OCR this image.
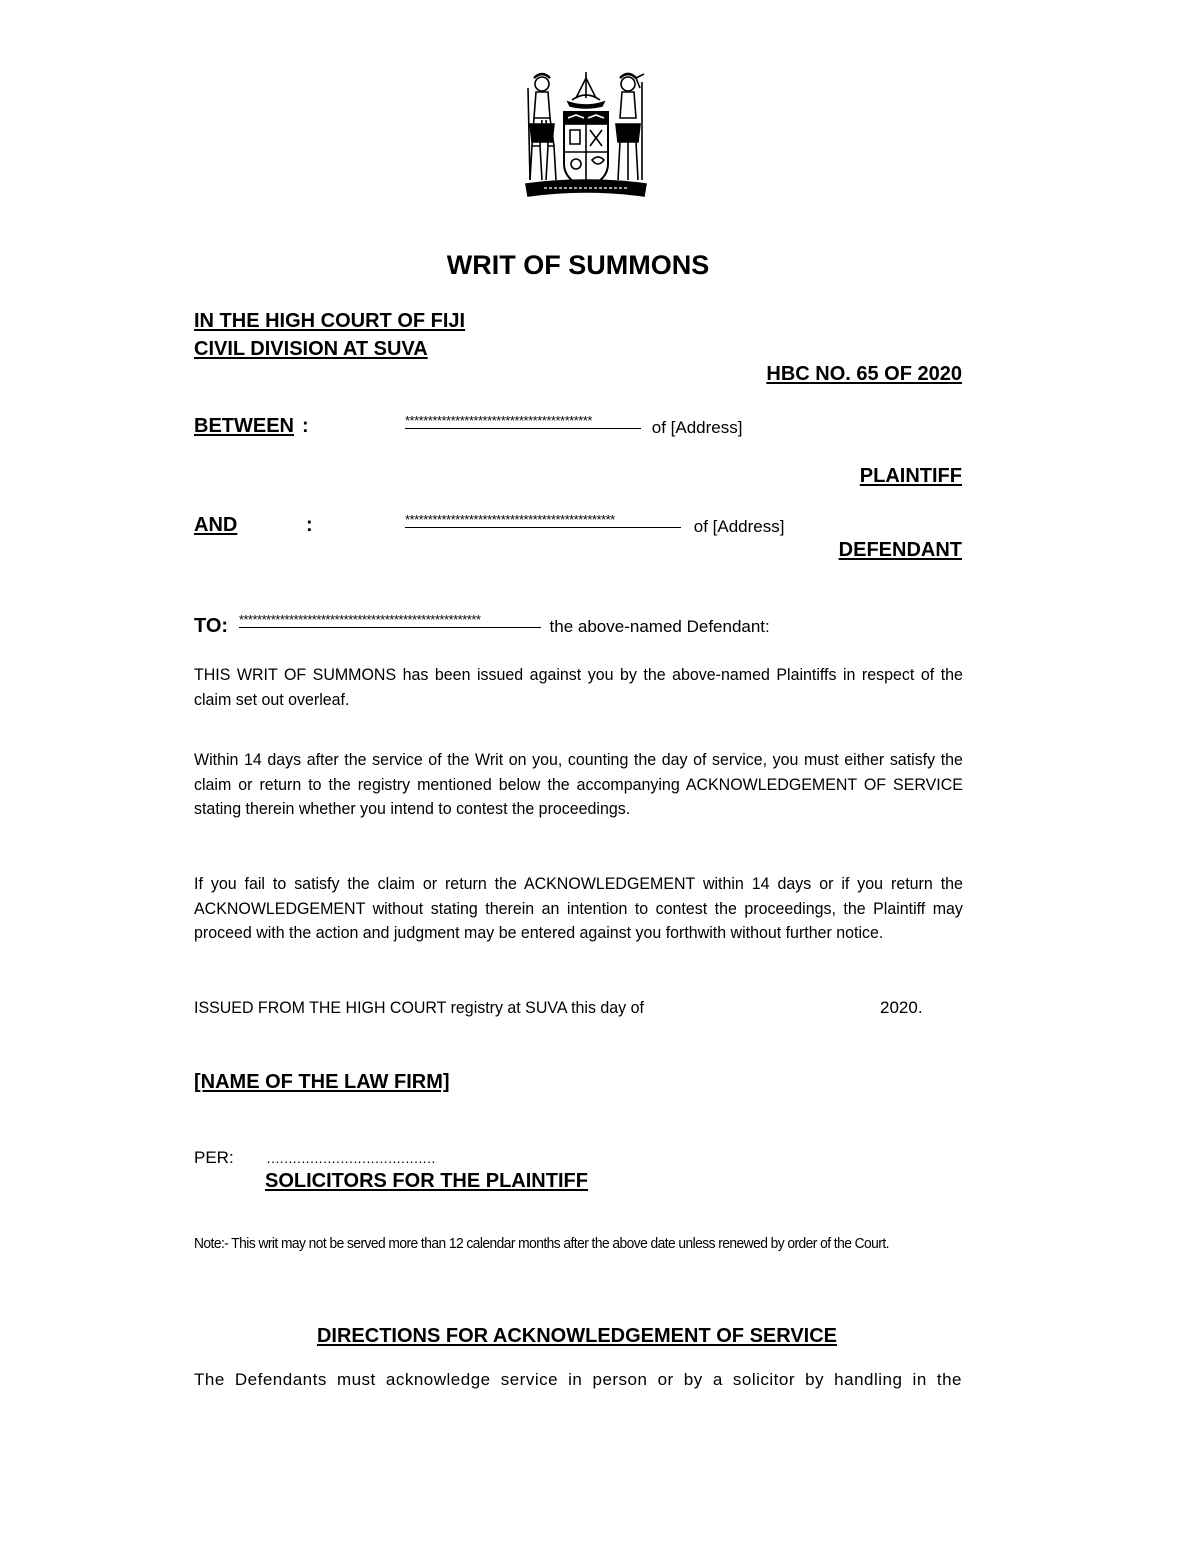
WRIT OF SUMMONS
IN THE HIGH COURT OF FIJI
CIVIL DIVISION AT SUVA
HBC NO. 65 OF 2020
BETWEEN :	*****************************************	of [Address]
PLAINTIFF
AND	:	**********************************************	of [Address]
DEFENDANT
TO: *****************************************************	the above-named Defendant:
THIS WRIT OF SUMMONS has been issued against you by the above-named Plaintiffs in respect of the claim set out overleaf.
Within 14 days after the service of the Writ on you, counting the day of service, you must either satisfy the claim or return to the registry mentioned below the accompanying ACKNOWLEDGEMENT OF SERVICE stating therein whether you intend to contest the proceedings.
If you fail to satisfy the claim or return the ACKNOWLEDGEMENT within 14 days or if you return the ACKNOWLEDGEMENT without stating therein an intention to contest the proceedings, the Plaintiff may proceed with the action and judgment may be entered against you forthwith without further notice.
ISSUED FROM THE HIGH COURT registry at SUVA this day of	2020.
[NAME OF THE LAW FIRM]
PER: …………………………………
SOLICITORS FOR THE PLAINTIFF
Note:- This writ may not be served more than 12 calendar months after the above date unless renewed by order of the Court.
DIRECTIONS FOR ACKNOWLEDGEMENT OF SERVICE
The Defendants must acknowledge service in person or by a solicitor by handling in the
